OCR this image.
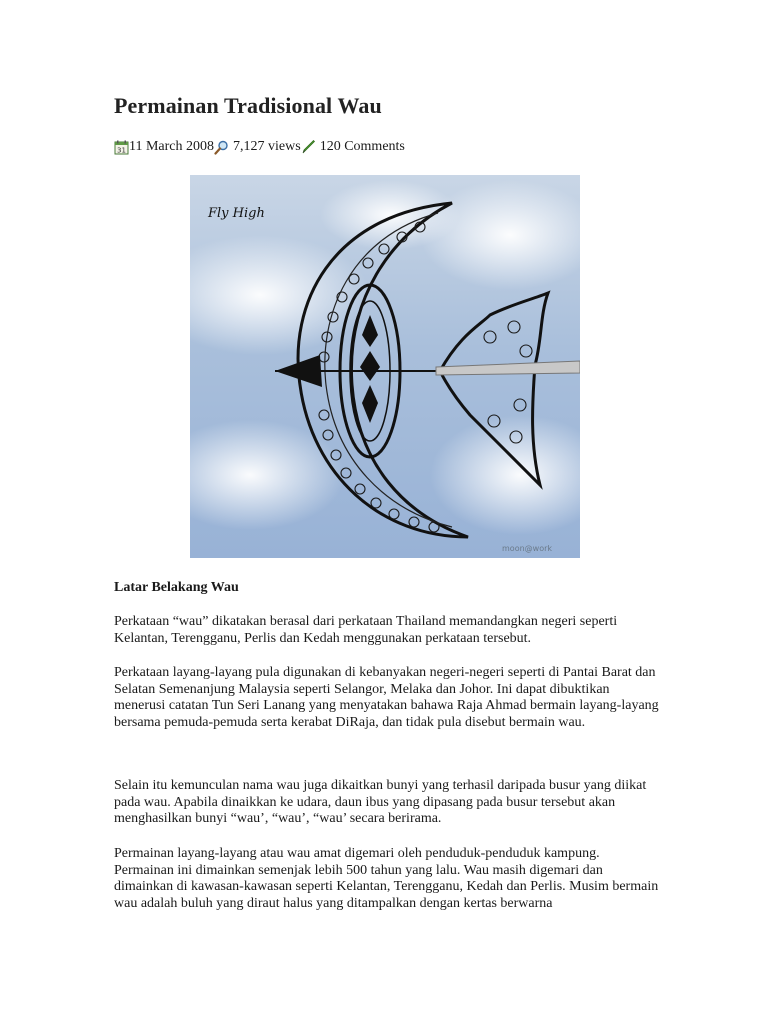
Permainan Tradisional Wau
31 11 March 2008 7,127 views 120 Comments
Fly High
moon@work
Latar Belakang Wau

Perkataan “wau” dikatakan berasal dari perkataan Thailand memandangkan negeri seperti Kelantan, Terengganu, Perlis dan Kedah menggunakan perkataan tersebut.

Perkataan layang-layang pula digunakan di kebanyakan negeri-negeri seperti di Pantai Barat dan Selatan Semenanjung Malaysia seperti Selangor, Melaka dan Johor. Ini dapat dibuktikan menerusi catatan Tun Seri Lanang yang menyatakan bahawa Raja Ahmad bermain layang-layang bersama pemuda-pemuda serta kerabat DiRaja, dan tidak pula disebut bermain wau.

Selain itu kemunculan nama wau juga dikaitkan bunyi yang terhasil daripada busur yang diikat pada wau. Apabila dinaikkan ke udara, daun ibus yang dipasang pada busur tersebut akan menghasilkan bunyi “wau’, “wau’, “wau’ secara berirama.

Permainan layang-layang atau wau amat digemari oleh penduduk-penduduk kampung. Permainan ini dimainkan semenjak lebih 500 tahun yang lalu. Wau masih digemari dan dimainkan di kawasan-kawasan seperti Kelantan, Terengganu, Kedah dan Perlis. Musim bermain wau adalah buluh yang diraut halus yang ditampalkan dengan kertas berwarna
